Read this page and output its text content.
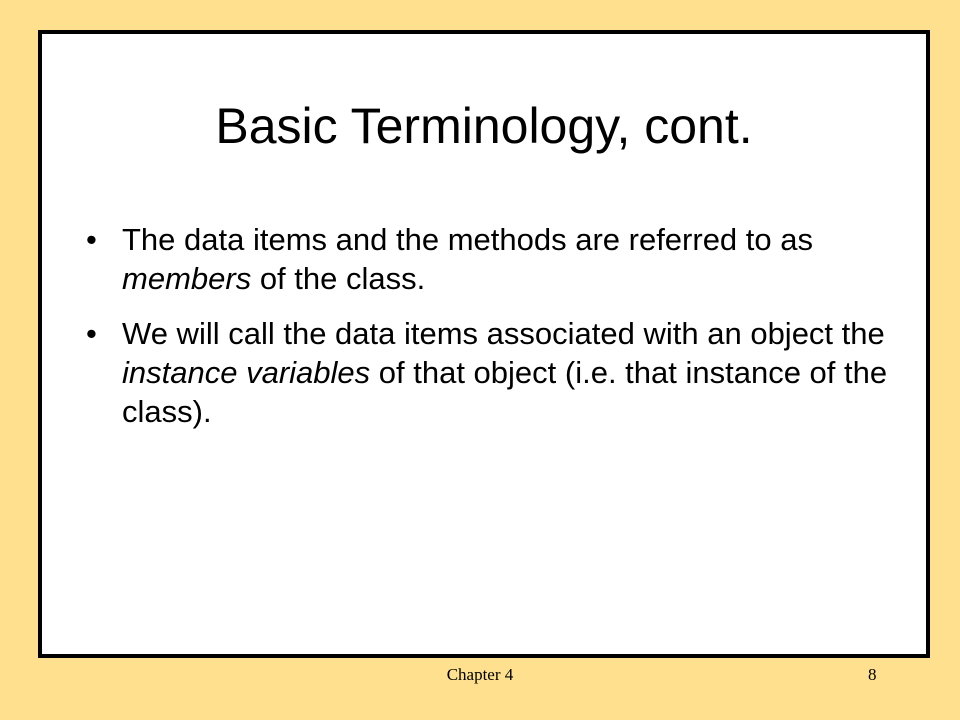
Basic Terminology, cont.
• The data items and the methods are referred to as members of the class.
• We will call the data items associated with an object the instance variables of that object (i.e. that instance of the class).
Chapter 4	8
